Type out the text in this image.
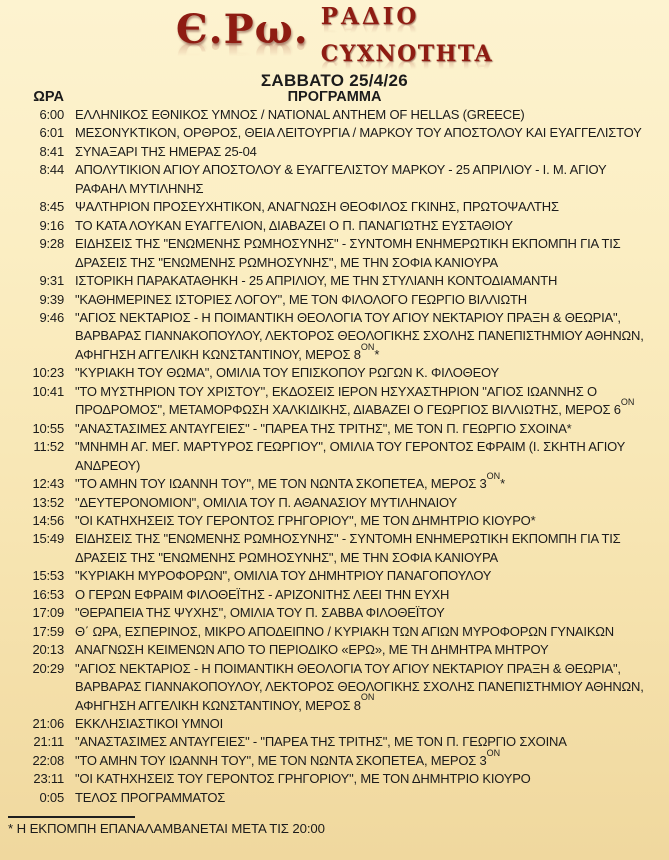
Є.Ρω. ΡΑΔΙΟ
CYXNOTHTA
ΣΑΒΒΑΤΟ 25/4/26
ΩΡΑ	ΠΡΟΓΡΑΜΜΑ
6:00 ΕΛΛΗΝΙΚΟΣ ΕΘΝΙΚΟΣ ΥΜΝΟΣ / NATIONAL ANTHEM OF HELLAS (GREECE)
6:01 ΜΕΣΟΝΥΚΤΙΚΟΝ, ΟΡΘΡΟΣ, ΘΕΙΑ ΛΕΙΤΟΥΡΓΙΑ / ΜΑΡΚΟΥ ΤΟΥ ΑΠΟΣΤΟΛΟΥ ΚΑΙ ΕΥΑΓΓΕΛΙΣΤΟΥ
8:41 ΣΥΝΑΞΑΡΙ ΤΗΣ ΗΜΕΡΑΣ 25-04
8:44 ΑΠΟΛΥΤΙΚΙΟΝ ΑΓΙΟΥ ΑΠΟΣΤΟΛΟΥ & ΕΥΑΓΓΕΛΙΣΤΟΥ ΜΑΡΚΟΥ - 25 ΑΠΡΙΛΙΟΥ - Ι. Μ. ΑΓΙΟΥ
ΡΑΦΑΗΛ ΜΥΤΙΛΗΝΗΣ
8:45 ΨΑΛΤΗΡΙΟΝ ΠΡΟΣΕΥΧΗΤΙΚΟΝ, ΑΝΑΓΝΩΣΗ ΘΕΟΦΙΛΟΣ ΓΚΙΝΗΣ, ΠΡΩΤΟΨΑΛΤΗΣ
9:16 ΤΟ ΚΑΤΑ ΛΟΥΚΑΝ ΕΥΑΓΓΕΛΙΟΝ, ΔΙΑΒΑΖΕΙ Ο Π. ΠΑΝΑΓΙΩΤΗΣ ΕΥΣΤΑΘΙΟΥ
9:28 ΕΙΔΗΣΕΙΣ ΤΗΣ "ΕΝΩΜΕΝΗΣ ΡΩΜΗΟΣΥΝΗΣ" - ΣΥΝΤΟΜΗ ΕΝΗΜΕΡΩΤΙΚΗ ΕΚΠΟΜΠΗ ΓΙΑ ΤΙΣ
ΔΡΑΣΕΙΣ ΤΗΣ "ΕΝΩΜΕΝΗΣ ΡΩΜΗΟΣΥΝΗΣ", ΜΕ ΤΗΝ ΣΟΦΙΑ ΚΑΝΙΟΥΡΑ
9:31 ΙΣΤΟΡΙΚΗ ΠΑΡΑΚΑΤΑΘΗΚΗ - 25 ΑΠΡΙΛΙΟΥ, ΜΕ ΤΗΝ ΣΤΥΛΙΑΝΗ ΚΟΝΤΟΔΙΑΜΑΝΤΗ
9:39 "ΚΑΘΗΜΕΡΙΝΕΣ ΙΣΤΟΡΙΕΣ ΛΟΓΟΥ", ΜΕ ΤΟΝ ΦΙΛΟΛΟΓΟ ΓΕΩΡΓΙΟ ΒΙΛΛΙΩΤΗ
9:46 "ΑΓΙΟΣ ΝΕΚΤΑΡΙΟΣ - Η ΠΟΙΜΑΝΤΙΚΗ ΘΕΟΛΟΓΙΑ ΤΟΥ ΑΓΙΟΥ ΝΕΚΤΑΡΙΟΥ ΠΡΑΞΗ & ΘΕΩΡΙΑ",
ΒΑΡΒΑΡΑΣ ΓΙΑΝΝΑΚΟΠΟΥΛΟΥ, ΛΕΚΤΟΡΟΣ ΘΕΟΛΟΓΙΚΗΣ ΣΧΟΛΗΣ ΠΑΝΕΠΙΣΤΗΜΙΟΥ ΑΘΗΝΩΝ,
ΑΦΗΓΗΣΗ ΑΓΓΕΛΙΚΗ ΚΩΝΣΤΑΝΤΙΝΟΥ, ΜΕΡΟΣ $8^{ON}*$
10:23 "ΚΥΡΙΑΚΗ ΤΟΥ ΘΩΜΑ", ΟΜΙΛΙΑ ΤΟΥ ΕΠΙΣΚΟΠΟΥ ΡΩΓΩΝ Κ. ΦΙΛΟΘΕΟΥ
10:41 "ΤΟ ΜΥΣΤΗΡΙΟΝ ΤΟΥ ΧΡΙΣΤΟΥ", ΕΚΔΟΣΕΙΣ ΙΕΡΟΝ ΗΣΥΧΑΣΤΗΡΙΟΝ "ΑΓΙΟΣ ΙΩΑΝΝΗΣ Ο
ΠΡΟΔΡΟΜΟΣ", ΜΕΤΑΜΟΡΦΩΣΗ ΧΑΛΚΙΔΙΚΗΣ, ΔΙΑΒΑΖΕΙ Ο ΓΕΩΡΓΙΟΣ ΒΙΛΛΙΩΤΗΣ, ΜΕΡΟΣ $6^{ON}$
10:55 "ΑΝΑΣΤΑΣΙΜΕΣ ΑΝΤΑΥΓΕΙΕΣ" - "ΠΑΡΕΑ ΤΗΣ ΤΡΙΤΗΣ", ΜΕ ΤΟΝ Π. ΓΕΩΡΓΙΟ ΣΧΟΙΝΑ*
11:52 "ΜΝΗΜΗ ΑΓ. ΜΕΓ. ΜΑΡΤΥΡΟΣ ΓΕΩΡΓΙΟΥ", ΟΜΙΛΙΑ ΤΟΥ ΓΕΡΟΝΤΟΣ ΕΦΡΑΙΜ (Ι. ΣΚΗΤΗ ΑΓΙΟΥ
ΑΝΔΡΕΟΥ)
12:43 "ΤΟ ΑΜΗΝ ΤΟΥ ΙΩΑΝΝΗ ΤΟΥ", ΜΕ ΤΟΝ ΝΩΝΤΑ ΣΚΟΠΕΤΕΑ, ΜΕΡΟΣ $3^{ON}*$
13:52 "ΔΕΥΤΕΡΟΝΟΜΙΟΝ", ΟΜΙΛΙΑ ΤΟΥ Π. ΑΘΑΝΑΣΙΟΥ ΜΥΤΙΛΗΝΑΙΟΥ
14:56 "ΟΙ ΚΑΤΗΧΗΣΕΙΣ ΤΟΥ ΓΕΡΟΝΤΟΣ ΓΡΗΓΟΡΙΟΥ", ΜΕ ΤΟΝ ΔΗΜΗΤΡΙΟ ΚΙΟΥΡΟ*
15:49 ΕΙΔΗΣΕΙΣ ΤΗΣ "ΕΝΩΜΕΝΗΣ ΡΩΜΗΟΣΥΝΗΣ" - ΣΥΝΤΟΜΗ ΕΝΗΜΕΡΩΤΙΚΗ ΕΚΠΟΜΠΗ ΓΙΑ ΤΙΣ
ΔΡΑΣΕΙΣ ΤΗΣ "ΕΝΩΜΕΝΗΣ ΡΩΜΗΟΣΥΝΗΣ", ΜΕ ΤΗΝ ΣΟΦΙΑ ΚΑΝΙΟΥΡΑ
15:53 "ΚΥΡΙΑΚΗ ΜΥΡΟΦΟΡΩΝ", ΟΜΙΛΙΑ ΤΟΥ ΔΗΜΗΤΡΙΟΥ ΠΑΝΑΓΟΠΟΥΛΟΥ
16:53 Ο ΓΕΡΩΝ ΕΦΡΑΙΜ ΦΙΛΟΘΕΪΤΗΣ - ΑΡΙΖΟΝΙΤΗΣ ΛΕΕΙ ΤΗΝ ΕΥΧΗ
17:09 "ΘΕΡΑΠΕΙΑ ΤΗΣ ΨΥΧΗΣ", ΟΜΙΛΙΑ ΤΟΥ Π. ΣΑΒΒΑ ΦΙΛΟΘΕΪΤΟΥ
17:59 Θ΄ ΩΡΑ, ΕΣΠΕΡΙΝΟΣ, ΜΙΚΡΟ ΑΠΟΔΕΙΠΝΟ / ΚΥΡΙΑΚΗ ΤΩΝ ΑΓΙΩΝ ΜΥΡΟΦΟΡΩΝ ΓΥΝΑΙΚΩΝ
20:13 ΑΝΑΓΝΩΣΗ ΚΕΙΜΕΝΩΝ ΑΠΟ ΤΟ ΠΕΡΙΟΔΙΚΟ «ΕΡΩ», ΜΕ ΤΗ ΔΗΜΗΤΡΑ ΜΗΤΡΟΥ
20:29 "ΑΓΙΟΣ ΝΕΚΤΑΡΙΟΣ - Η ΠΟΙΜΑΝΤΙΚΗ ΘΕΟΛΟΓΙΑ ΤΟΥ ΑΓΙΟΥ ΝΕΚΤΑΡΙΟΥ ΠΡΑΞΗ & ΘΕΩΡΙΑ",
ΒΑΡΒΑΡΑΣ ΓΙΑΝΝΑΚΟΠΟΥΛΟΥ, ΛΕΚΤΟΡΟΣ ΘΕΟΛΟΓΙΚΗΣ ΣΧΟΛΗΣ ΠΑΝΕΠΙΣΤΗΜΙΟΥ ΑΘΗΝΩΝ,
ΑΦΗΓΗΣΗ ΑΓΓΕΛΙΚΗ ΚΩΝΣΤΑΝΤΙΝΟΥ, ΜΕΡΟΣ $8^{ON}$
21:06 ΕΚΚΛΗΣΙΑΣΤΙΚΟΙ ΥΜΝΟΙ
21:11 "ΑΝΑΣΤΑΣΙΜΕΣ ΑΝΤΑΥΓΕΙΕΣ" - "ΠΑΡΕΑ ΤΗΣ ΤΡΙΤΗΣ", ΜΕ ΤΟΝ Π. ΓΕΩΡΓΙΟ ΣΧΟΙΝΑ
22:08 "ΤΟ ΑΜΗΝ ΤΟΥ ΙΩΑΝΝΗ ΤΟΥ", ΜΕ ΤΟΝ ΝΩΝΤΑ ΣΚΟΠΕΤΕΑ, ΜΕΡΟΣ $3^{ON}$
23:11 "ΟΙ ΚΑΤΗΧΗΣΕΙΣ ΤΟΥ ΓΕΡΟΝΤΟΣ ΓΡΗΓΟΡΙΟΥ", ΜΕ ΤΟΝ ΔΗΜΗΤΡΙΟ ΚΙΟΥΡΟ
0:05 ΤΕΛΟΣ ΠΡΟΓΡΑΜΜΑΤΟΣ
* Η ΕΚΠΟΜΠΗ ΕΠΑΝΑΛΑΜΒΑΝΕΤΑΙ ΜΕΤΑ ΤΙΣ 20:00
